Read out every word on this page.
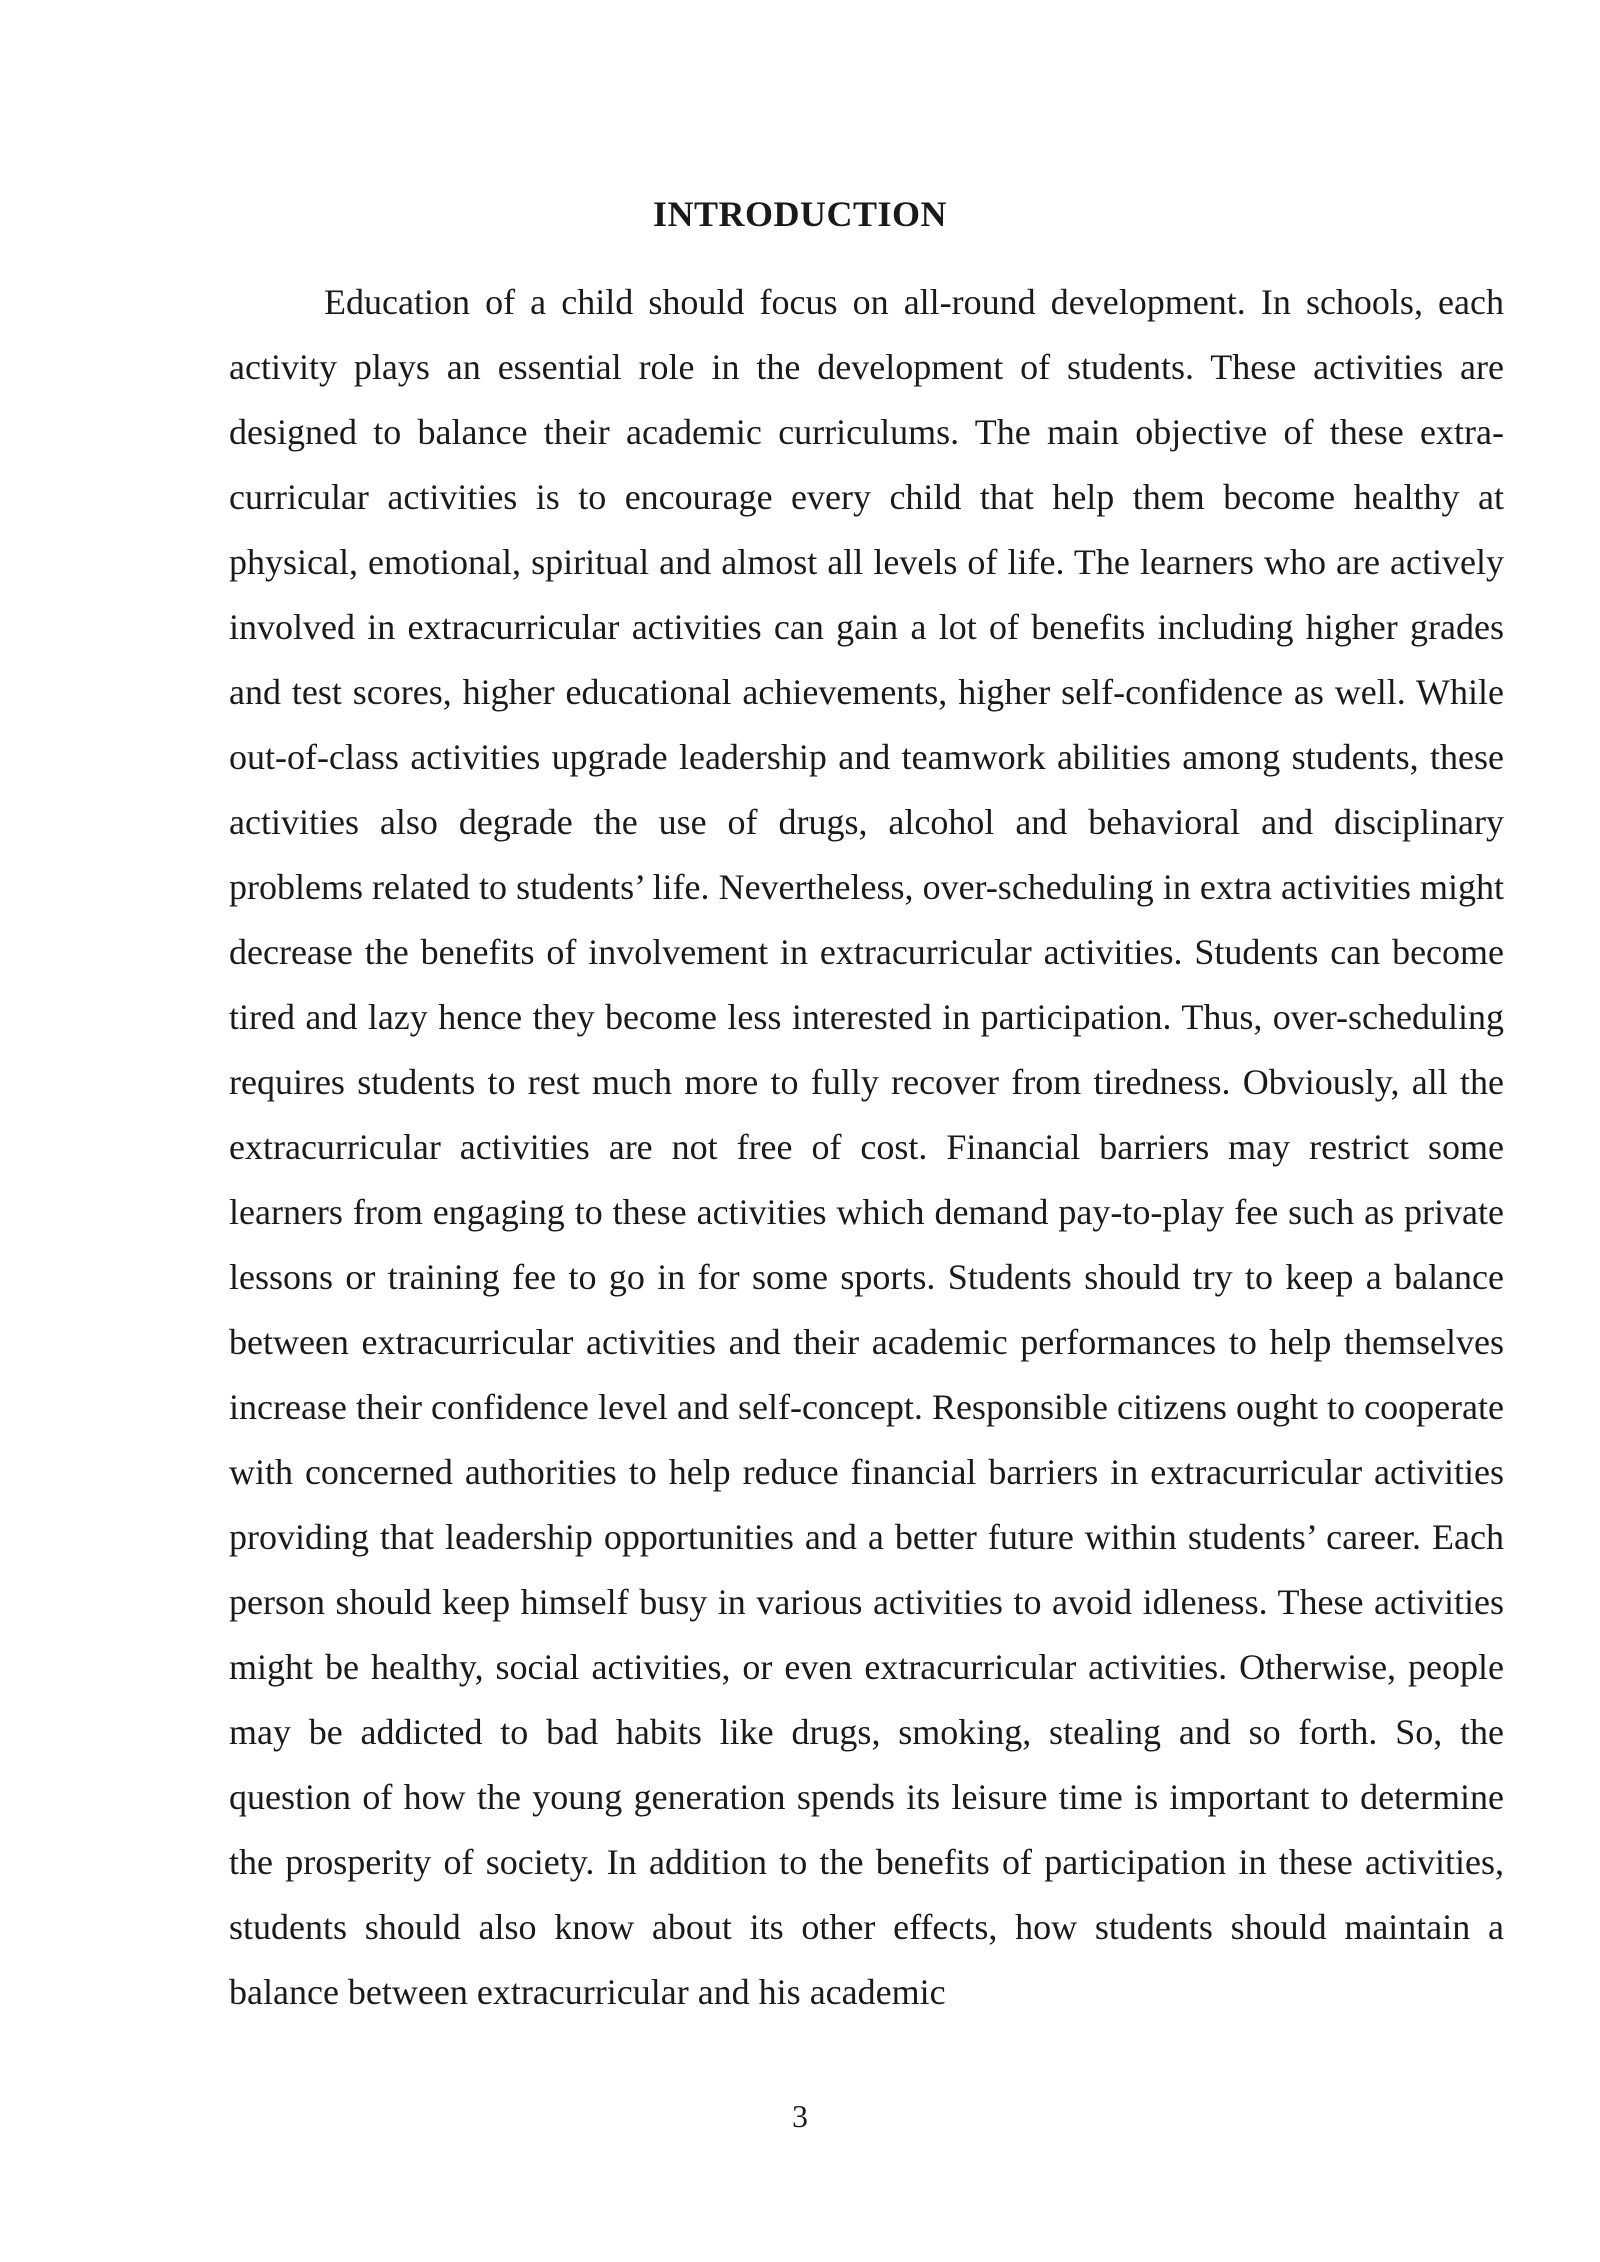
INTRODUCTION

Education of a child should focus on all-round development. In schools, each activity plays an essential role in the development of students. These activities are designed to balance their academic curriculums. The main objective of these extra-curricular activities is to encourage every child that help them become healthy at physical, emotional, spiritual and almost all levels of life. The learners who are actively involved in extracurricular activities can gain a lot of benefits including higher grades and test scores, higher educational achievements, higher self-confidence as well. While out-of-class activities upgrade leadership and teamwork abilities among students, these activities also degrade the use of drugs, alcohol and behavioral and disciplinary problems related to students’ life. Nevertheless, over-scheduling in extra activities might decrease the benefits of involvement in extracurricular activities. Students can become tired and lazy hence they become less interested in participation. Thus, over-scheduling requires students to rest much more to fully recover from tiredness. Obviously, all the extracurricular activities are not free of cost. Financial barriers may restrict some learners from engaging to these activities which demand pay-to-play fee such as private lessons or training fee to go in for some sports. Students should try to keep a balance between extracurricular activities and their academic performances to help themselves increase their confidence level and self-concept. Responsible citizens ought to cooperate with concerned authorities to help reduce financial barriers in extracurricular activities providing that leadership opportunities and a better future within students’ career. Each person should keep himself busy in various activities to avoid idleness. These activities might be healthy, social activities, or even extracurricular activities. Otherwise, people may be addicted to bad habits like drugs, smoking, stealing and so forth. So, the question of how the young generation spends its leisure time is important to determine the prosperity of society. In addition to the benefits of participation in these activities, students should also know about its other effects, how students should maintain a balance between extracurricular and his academic

3
